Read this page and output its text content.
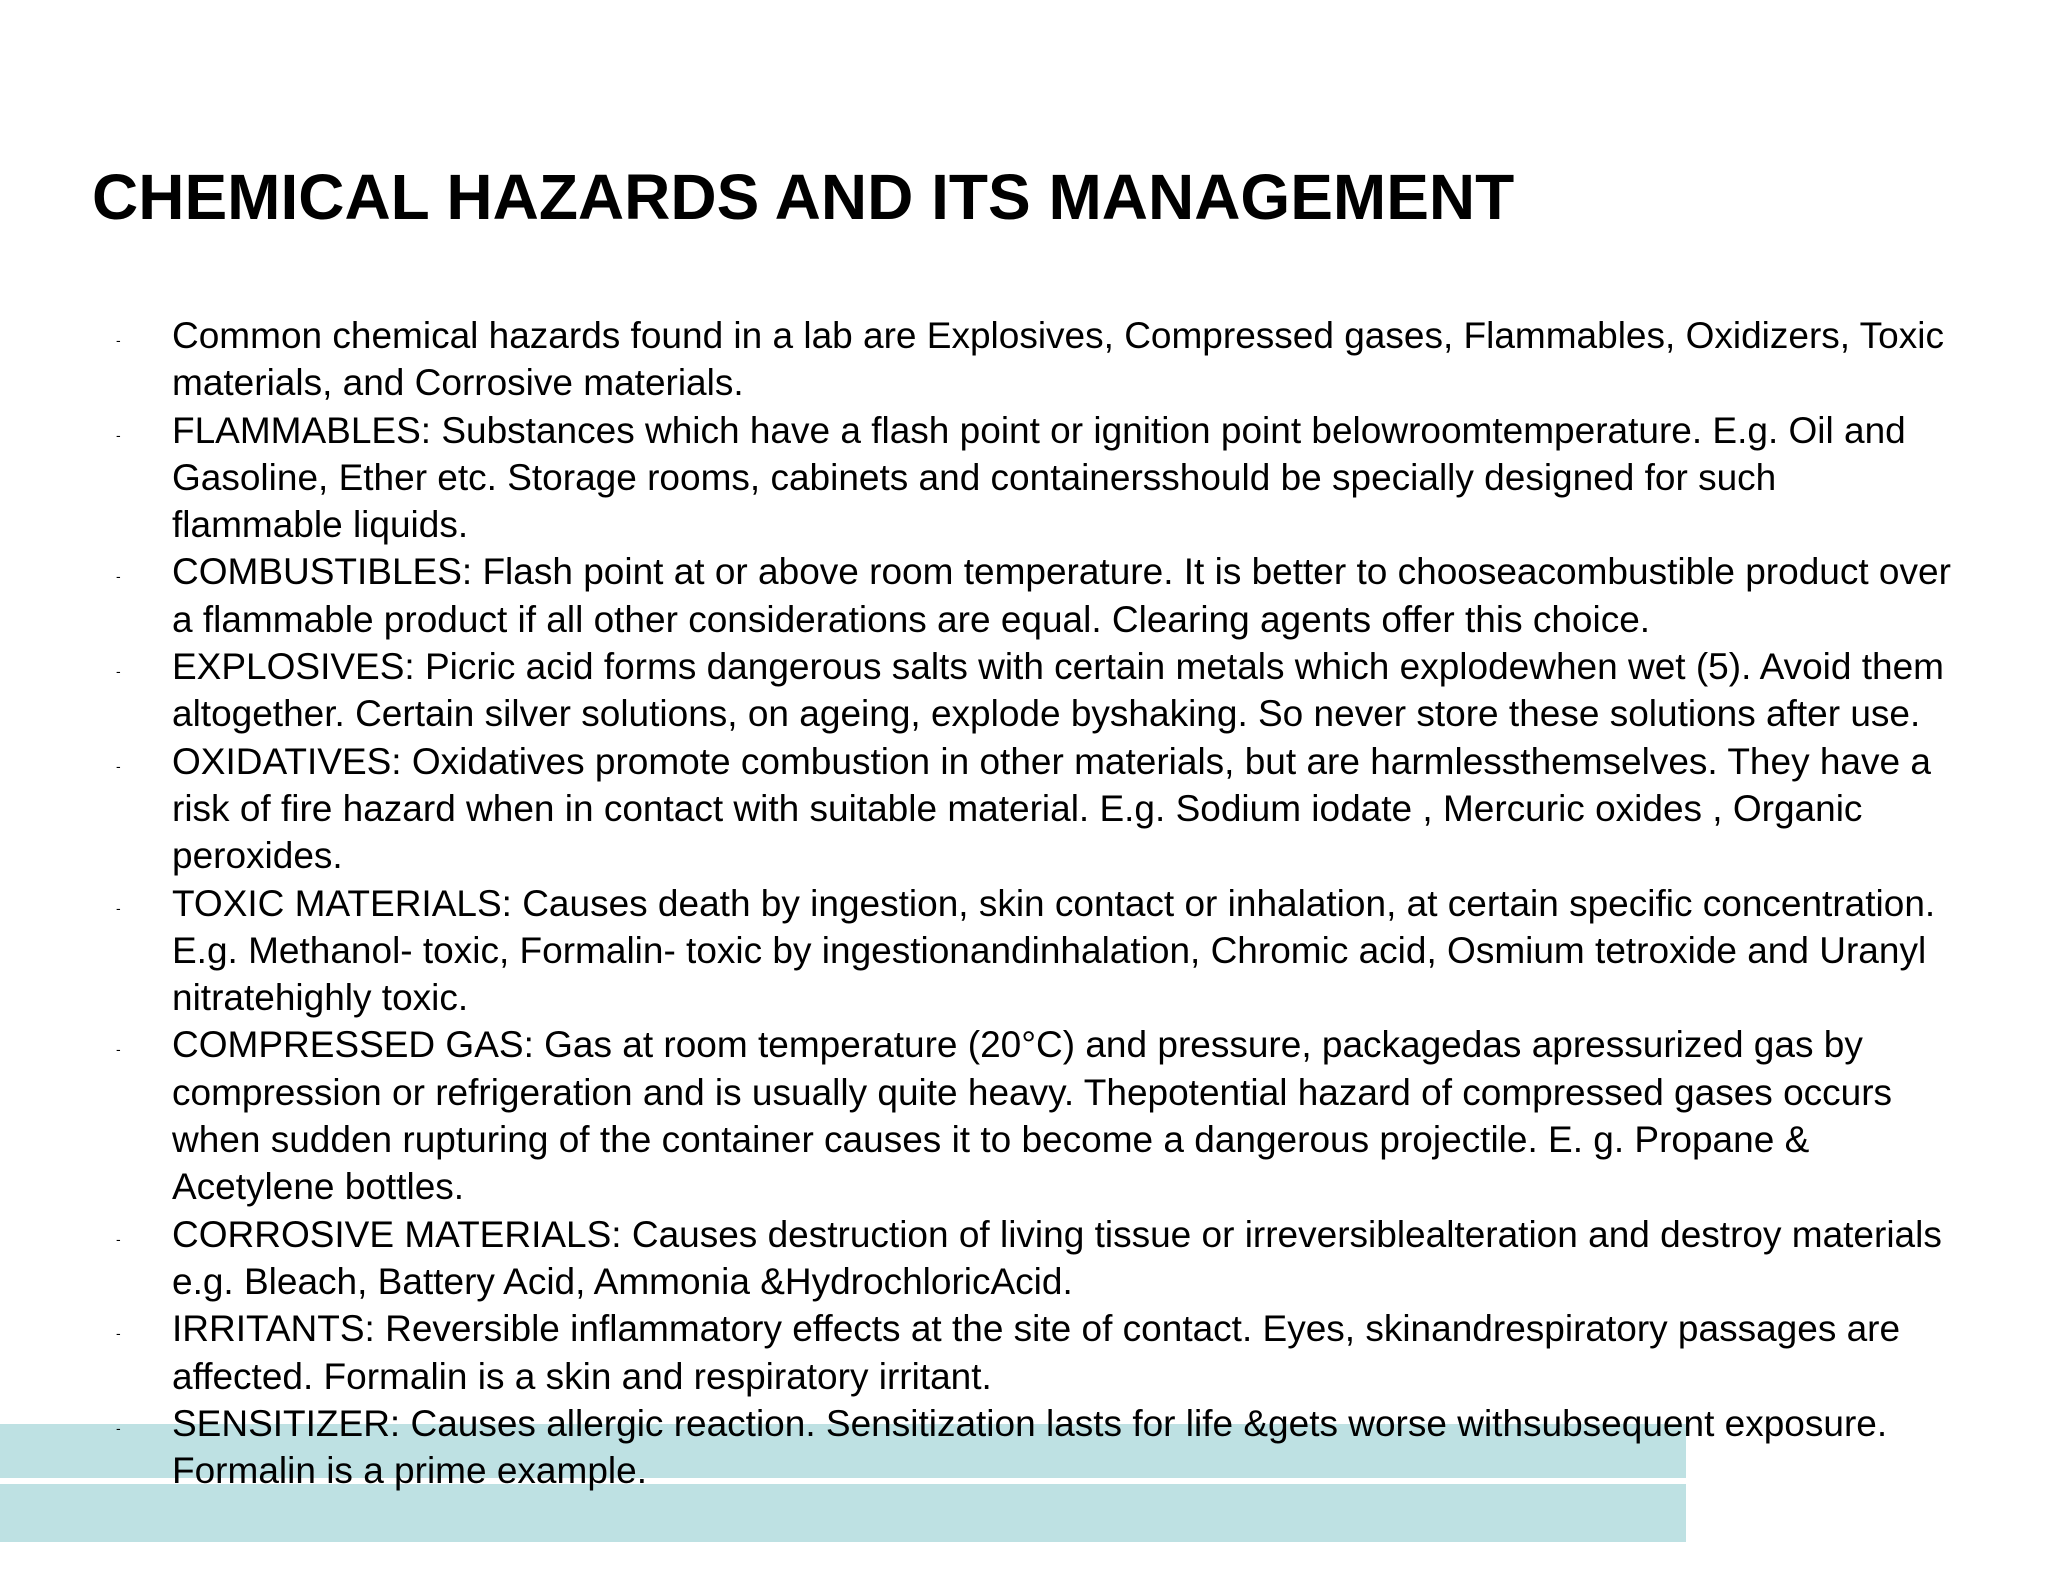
CHEMICAL HAZARDS AND ITS MANAGEMENT
- Common chemical hazards found in a lab are Explosives, Compressed gases, Flammables, Oxidizers, Toxic materials, and Corrosive materials.
- FLAMMABLES: Substances which have a flash point or ignition point belowroomtemperature. E.g. Oil and Gasoline, Ether etc. Storage rooms, cabinets and containersshould be specially designed for such flammable liquids.
- COMBUSTIBLES: Flash point at or above room temperature. It is better to chooseacombustible product over a flammable product if all other considerations are equal. Clearing agents offer this choice.
- EXPLOSIVES: Picric acid forms dangerous salts with certain metals which explodewhen wet (5). Avoid them altogether. Certain silver solutions, on ageing, explode byshaking. So never store these solutions after use.
- OXIDATIVES: Oxidatives promote combustion in other materials, but are harmlessthemselves. They have a risk of fire hazard when in contact with suitable material. E.g. Sodium iodate , Mercuric oxides , Organic peroxides.
- TOXIC MATERIALS: Causes death by ingestion, skin contact or inhalation, at certain specific concentration. E.g. Methanol- toxic, Formalin- toxic by ingestionandinhalation, Chromic acid, Osmium tetroxide and Uranyl nitratehighly toxic.
- COMPRESSED GAS: Gas at room temperature (20°C) and pressure, packagedas apressurized gas by compression or refrigeration and is usually quite heavy. Thepotential hazard of compressed gases occurs when sudden rupturing of the container causes it to become a dangerous projectile. E. g. Propane & Acetylene bottles.
- CORROSIVE MATERIALS: Causes destruction of living tissue or irreversiblealteration and destroy materials e.g. Bleach, Battery Acid, Ammonia &HydrochloricAcid.
- IRRITANTS: Reversible inflammatory effects at the site of contact. Eyes, skinandrespiratory passages are affected. Formalin is a skin and respiratory irritant.
- SENSITIZER: Causes allergic reaction. Sensitization lasts for life &gets worse withsubsequent exposure. Formalin is a prime example.
